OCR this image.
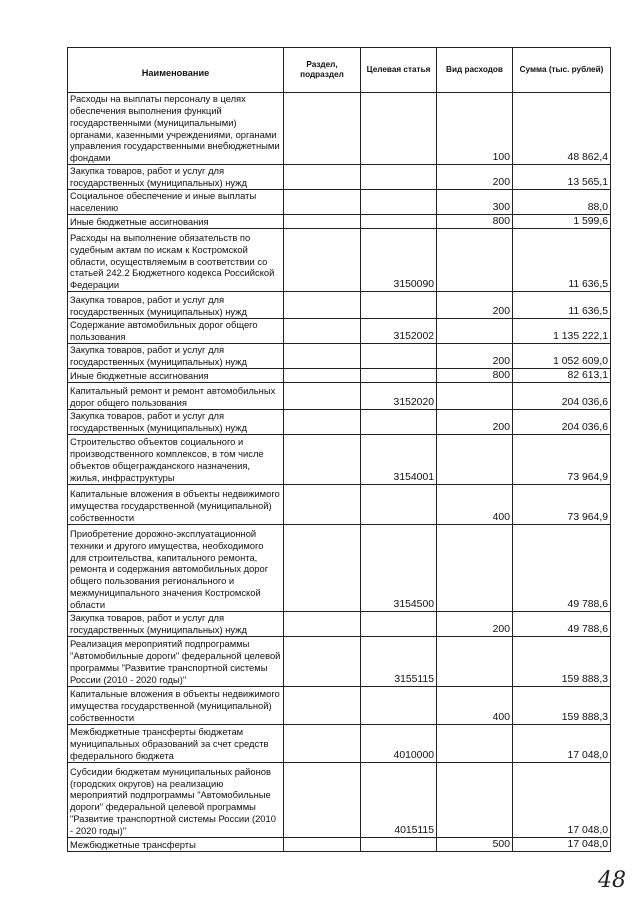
Наименование	Раздел, подраздел	Целевая статья	Вид расходов	Сумма (тыс. рублей)
Расходы на выплаты персоналу в целях обеспечения выполнения функций государственными (муниципальными) органами, казенными учреждениями, органами управления государственными внебюджетными фондами			100	48 862,4
Закупка товаров, работ и услуг для государственных (муниципальных) нужд			200	13 565,1
Социальное обеспечение и иные выплаты населению			300	88,0
Иные бюджетные ассигнования			800	1 599,6
Расходы на выполнение обязательств по судебным актам по искам к Костромской области, осуществляемым в соответствии со статьей 242.2 Бюджетного кодекса Российской Федерации		3150090		11 636,5
Закупка товаров, работ и услуг для государственных (муниципальных) нужд			200	11 636,5
Содержание автомобильных дорог общего пользования		3152002		1 135 222,1
Закупка товаров, работ и услуг для государственных (муниципальных) нужд			200	1 052 609,0
Иные бюджетные ассигнования			800	82 613,1
Капитальный ремонт и ремонт автомобильных дорог общего пользования		3152020		204 036,6
Закупка товаров, работ и услуг для государственных (муниципальных) нужд			200	204 036,6
Строительство объектов социального и производственного комплексов, в том числе объектов общегражданского назначения, жилья, инфраструктуры		3154001		73 964,9
Капитальные вложения в объекты недвижимого имущества государственной (муниципальной) собственности			400	73 964,9
Приобретение дорожно-эксплуатационной техники и другого имущества, необходимого для строительства, капитального ремонта, ремонта и содержания автомобильных дорог общего пользования регионального и межмуниципального значения Костромской области		3154500		49 788,6
Закупка товаров, работ и услуг для государственных (муниципальных) нужд			200	49 788,6
Реализация мероприятий подпрограммы "Автомобильные дороги" федеральной целевой программы "Развитие транспортной системы России (2010 - 2020 годы)"		3155115		159 888,3
Капитальные вложения в объекты недвижимого имущества государственной (муниципальной) собственности			400	159 888,3
Межбюджетные трансферты бюджетам муниципальных образований за счет средств федерального бюджета		4010000		17 048,0
Субсидии бюджетам муниципальных районов (городских округов) на реализацию мероприятий подпрограммы "Автомобильные дороги" федеральной целевой программы "Развитие транспортной системы России (2010 - 2020 годы)"		4015115		17 048,0
Межбюджетные трансферты			500	17 048,0
48
